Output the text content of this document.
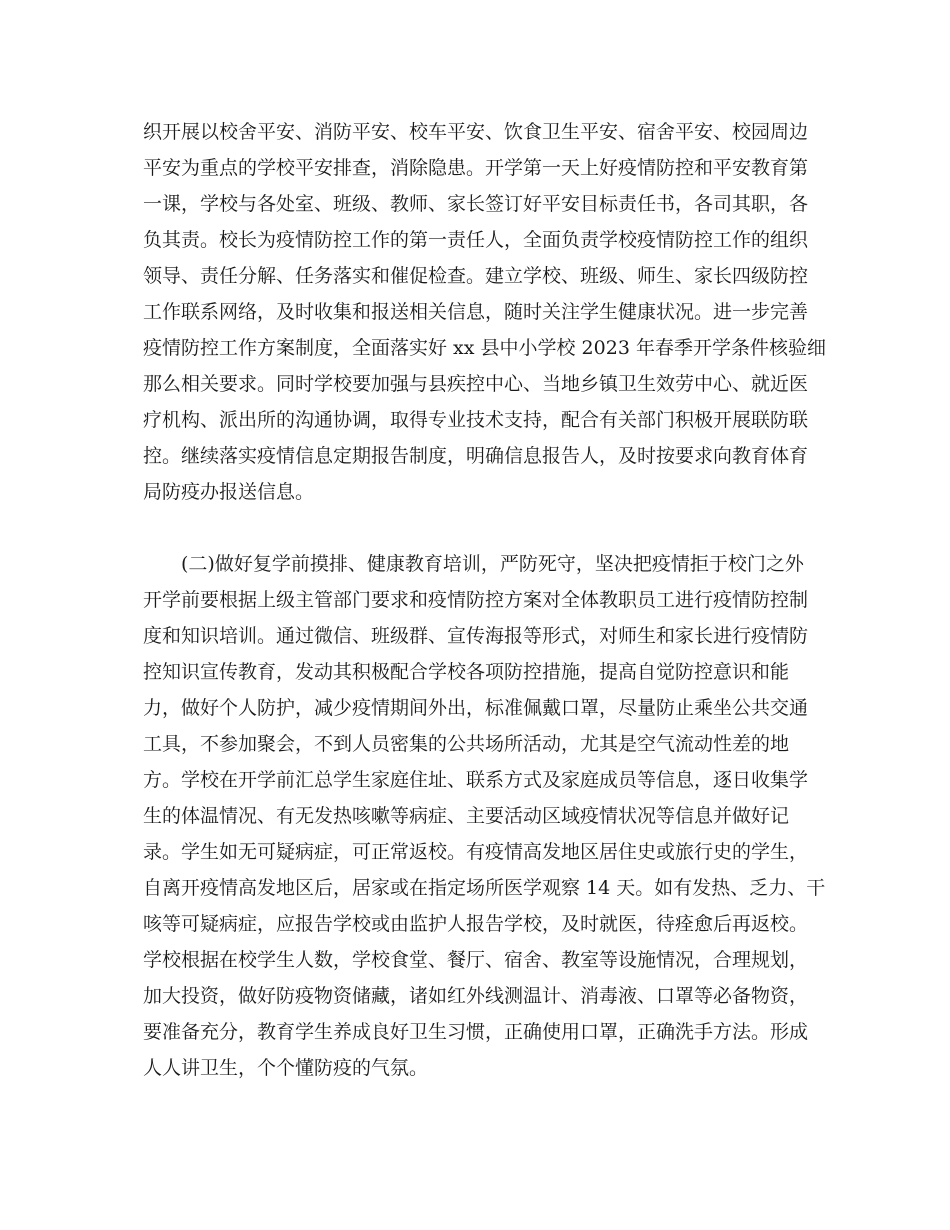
织开展以校舍平安、消防平安、校车平安、饮食卫生平安、宿舍平安、校园周边
平安为重点的学校平安排查，消除隐患。开学第一天上好疫情防控和平安教育第
一课，学校与各处室、班级、教师、家长签订好平安目标责任书，各司其职，各
负其责。校长为疫情防控工作的第一责任人，全面负责学校疫情防控工作的组织
领导、责任分解、任务落实和催促检查。建立学校、班级、师生、家长四级防控
工作联系网络，及时收集和报送相关信息，随时关注学生健康状况。进一步完善
疫情防控工作方案制度，全面落实好 xx 县中小学校 2023 年春季开学条件核验细
那么相关要求。同时学校要加强与县疾控中心、当地乡镇卫生效劳中心、就近医
疗机构、派出所的沟通协调，取得专业技术支持，配合有关部门积极开展联防联
控。继续落实疫情信息定期报告制度，明确信息报告人，及时按要求向教育体育
局防疫办报送信息。
　　(二)做好复学前摸排、健康教育培训，严防死守，坚决把疫情拒于校门之外
开学前要根据上级主管部门要求和疫情防控方案对全体教职员工进行疫情防控制
度和知识培训。通过微信、班级群、宣传海报等形式，对师生和家长进行疫情防
控知识宣传教育，发动其积极配合学校各项防控措施，提高自觉防控意识和能
力，做好个人防护，减少疫情期间外出，标准佩戴口罩，尽量防止乘坐公共交通
工具，不参加聚会，不到人员密集的公共场所活动，尤其是空气流动性差的地
方。学校在开学前汇总学生家庭住址、联系方式及家庭成员等信息，逐日收集学
生的体温情况、有无发热咳嗽等病症、主要活动区域疫情状况等信息并做好记
录。学生如无可疑病症，可正常返校。有疫情高发地区居住史或旅行史的学生，
自离开疫情高发地区后，居家或在指定场所医学观察 14 天。如有发热、乏力、干
咳等可疑病症，应报告学校或由监护人报告学校，及时就医，待痊愈后再返校。
学校根据在校学生人数，学校食堂、餐厅、宿舍、教室等设施情况，合理规划，
加大投资，做好防疫物资储藏，诸如红外线测温计、消毒液、口罩等必备物资，
要准备充分，教育学生养成良好卫生习惯，正确使用口罩，正确洗手方法。形成
人人讲卫生，个个懂防疫的气氛。
